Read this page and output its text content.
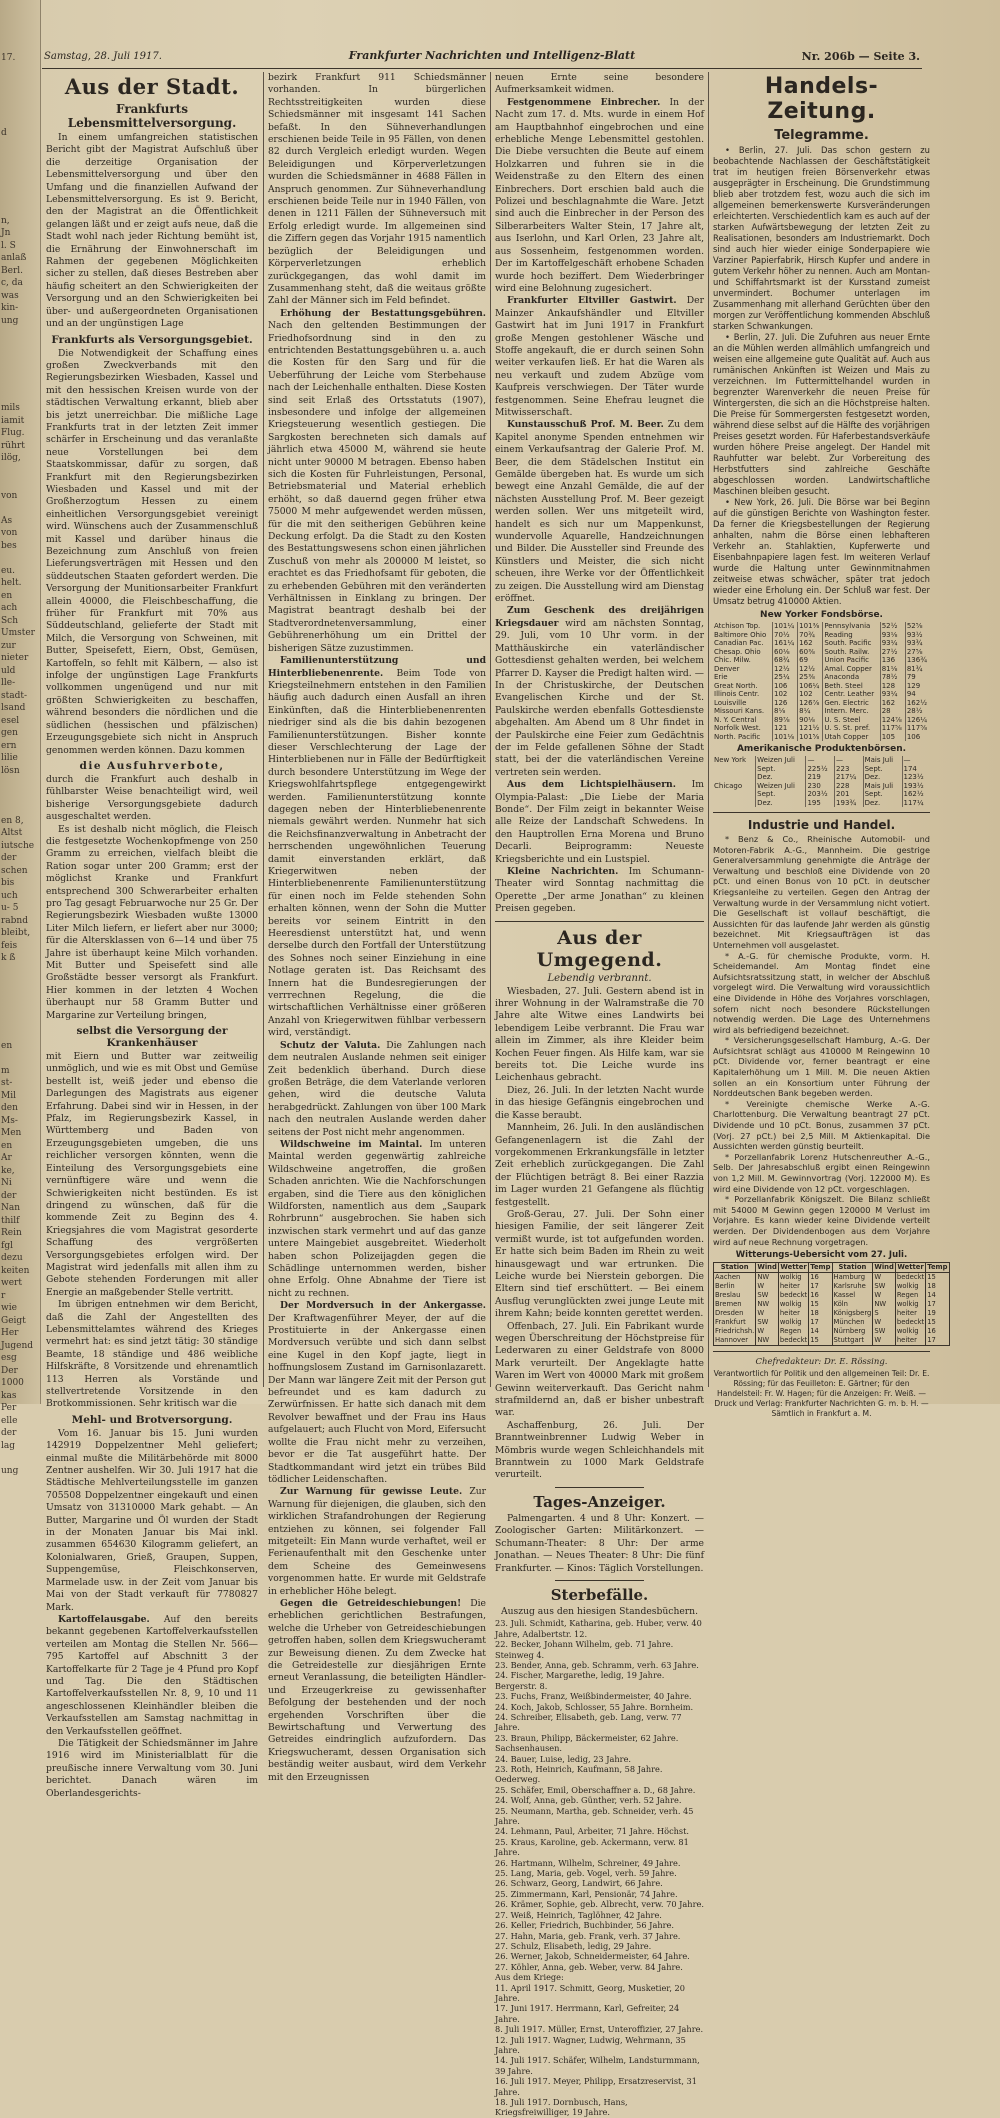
17.

d

n,
Jn
l. S
anlaß
Berl.
c, da
was
kin-
ung

mils
iamit
Flug.
rührt
ilög,

von

As
von
bes

eu.
helt.
en
ach
Sch
Umster
zur
nieter
uld
lle-
stadt-
lsand
esel
gen
ern
lilie
lösn

en 8,
Altst
iutsche
der
schen
bis
uch
u- 5
rabnd
bleibt,
feis
k ß

en

m
st-
Mil
den
Ms-
Men
en
Ar
ke,
Ni
der
Nan
thilf
Rein
fgl
dezu
keiten
wert
r
wie
Geigt
Her
Jugend
esg
Der
1000
kas
Per
elle
der
lag

ung
Samstag, 28. Juli 1917.	Frankfurter Nachrichten und Intelligenz-Blatt	Nr. 206b — Seite 3.
Aus der Stadt.
Frankfurts Lebensmittelversorgung.

In einem umfangreichen statistischen Bericht gibt der Magistrat Aufschluß über die derzeitige Organisation der Lebensmittelversorgung und über den Umfang und die finanziellen Aufwand der Lebensmittelversorgung. Es ist 9. Bericht, den der Magistrat an die Öffentlichkeit gelangen läßt und er zeigt aufs neue, daß die Stadt wohl nach jeder Richtung bemüht ist, die Ernährung der Einwohnerschaft im Rahmen der gegebenen Möglichkeiten sicher zu stellen, daß dieses Bestreben aber häufig scheitert an den Schwierigkeiten der Versorgung und an den Schwierigkeiten bei über- und außergeordneten Organisationen und an der ungünstigen Lage

Frankfurts als Versorgungsgebiet.

Die Notwendigkeit der Schaffung eines großen Zweckverbands mit den Regierungsbezirken Wiesbaden, Kassel und mit den hessischen Kreisen wurde von der städtischen Verwaltung erkannt, blieb aber bis jetzt unerreichbar. Die mißliche Lage Frankfurts trat in der letzten Zeit immer schärfer in Erscheinung und das veranlaßte neue Vorstellungen bei dem Staatskommissar, dafür zu sorgen, daß Frankfurt mit den Regierungsbezirken Wiesbaden und Kassel und mit der Großherzogtum Hessen zu einem einheitlichen Versorgungsgebiet vereinigt wird. Wünschens auch der Zusammenschluß mit Kassel und darüber hinaus die Bezeichnung zum Anschluß von freien Lieferungsverträgen mit Hessen und den süddeutschen Staaten gefordert werden. Die Versorgung der Munitionsarbeiter Frankfurt allein 40000, die Fleischbeschaffung, die früher für Frankfurt mit 70% aus Süddeutschland, gelieferte der Stadt mit Milch, die Versorgung von Schweinen, mit Butter, Speisefett, Eiern, Obst, Gemüsen, Kartoffeln, so fehlt mit Kälbern, — also ist infolge der ungünstigen Lage Frankfurts vollkommen ungenügend und nur mit größten Schwierigkeiten zu beschaffen, während besonders die nördlichen und die südlichen (hessischen und pfälzischen) Erzeugungsgebiete sich nicht in Anspruch genommen werden können. Dazu kommen

die Ausfuhrverbote,

durch die Frankfurt auch deshalb in fühlbarster Weise benachteiligt wird, weil bisherige Versorgungsgebiete dadurch ausgeschaltet werden.

Es ist deshalb nicht möglich, die Fleisch die festgesetzte Wochenkopfmenge von 250 Gramm zu erreichen, vielfach bleibt die Ration sogar unter 200 Gramm; erst der möglichst Kranke und Frankfurt entsprechend 300 Schwerarbeiter erhalten pro Tag gesagt Februarwoche nur 25 Gr. Der Regierungsbezirk Wiesbaden wußte 13000 Liter Milch liefern, er liefert aber nur 3000; für die Altersklassen von 6—14 und über 75 Jahre ist überhaupt keine Milch vorhanden. Mit Butter und Speisefett sind alle Großstädte besser versorgt als Frankfurt. Hier kommen in der letzten 4 Wochen überhaupt nur 58 Gramm Butter und Margarine zur Verteilung bringen,

selbst die Versorgung der Krankenhäuser

mit Eiern und Butter war zeitweilig unmöglich, und wie es mit Obst und Gemüse bestellt ist, weiß jeder und ebenso die Darlegungen des Magistrats aus eigener Erfahrung. Dabei sind wir in Hessen, in der Pfalz, im Regierungsbezirk Kassel, in Württemberg und Baden von Erzeugungsgebieten umgeben, die uns reichlicher versorgen könnten, wenn die Einteilung des Versorgungsgebiets eine vernünftigere wäre und wenn die Schwierigkeiten nicht bestünden. Es ist dringend zu wünschen, daß für die kommende Zeit zu Beginn des 4. Kriegsjahres die vom Magistrat gesorderte Schaffung des vergrößerten Versorgungsgebietes erfolgen wird. Der Magistrat wird jedenfalls mit allen ihm zu Gebote stehenden Forderungen mit aller Energie an maßgebender Stelle vertritt.

Im übrigen entnehmen wir dem Bericht, daß die Zahl der Angestellten des Lebensmittelamtes während des Krieges vermehrt hat: es sind jetzt tätig: 30 ständige Beamte, 18 ständige und 486 weibliche Hilfskräfte, 8 Vorsitzende und ehrenamtlich 113 Herren als Vorstände und stellvertretende Vorsitzende in den Brotkommissionen. Sehr kritisch war die

Mehl- und Brotversorgung.

Vom 16. Januar bis 15. Juni wurden 142919 Doppelzentner Mehl geliefert; einmal mußte die Militärbehörde mit 8000 Zentner aushelfen. Wir 30. Juli 1917 hat die Städtische Mehlverteilungsstelle im ganzen 705508 Doppelzentner eingekauft und einen Umsatz von 31310000 Mark gehabt. — An Butter, Margarine und Öl wurden der Stadt in der Monaten Januar bis Mai inkl. zusammen 654630 Kilogramm geliefert, an Kolonialwaren, Grieß, Graupen, Suppen, Suppengemüse, Fleischkonserven, Marmelade usw. in der Zeit vom Januar bis Mai von der Stadt verkauft für 7780827 Mark.

Kartoffelausgabe. Auf den bereits bekannt gegebenen Kartoffelverkaufsstellen verteilen am Montag die Stellen Nr. 566—795 Kartoffel auf Abschnitt 3 der Kartoffelkarte für 2 Tage je 4 Pfund pro Kopf und Tag. Die den Städtischen Kartoffelverkaufsstellen Nr. 8, 9, 10 und 11 angeschlossenen Kleinhändler bleiben die Verkaufsstellen am Samstag nachmittag in den Verkaufsstellen geöffnet.

Die Tätigkeit der Schiedsmänner im Jahre 1916 wird im Ministerialblatt für die preußische innere Verwaltung vom 30. Juni berichtet. Danach wären im Oberlandesgerichts-

bezirk Frankfurt 911 Schiedsmänner vorhanden. In bürgerlichen Rechtsstreitigkeiten wurden diese Schiedsmänner mit insgesamt 141 Sachen befaßt. In den Sühneverhandlungen erschienen beide Teile in 95 Fällen, von denen 82 durch Vergleich erledigt wurden. Wegen Beleidigungen und Körperverletzungen wurden die Schiedsmänner in 4688 Fällen in Anspruch genommen. Zur Sühneverhandlung erschienen beide Teile nur in 1940 Fällen, von denen in 1211 Fällen der Sühneversuch mit Erfolg erledigt wurde. Im allgemeinen sind die Ziffern gegen das Vorjahr 1915 namentlich bezüglich der Beleidigungen und Körperverletzungen erheblich zurückgegangen, das wohl damit im Zusammenhang steht, daß die weitaus größte Zahl der Männer sich im Feld befindet.

Erhöhung der Bestattungsgebühren. Nach den geltenden Bestimmungen der Friedhofsordnung sind in den zu entrichtenden Bestattungsgebühren u. a. auch die Kosten für den Sarg und für die Ueberführung der Leiche vom Sterbehause nach der Leichenhalle enthalten. Diese Kosten sind seit Erlaß des Ortsstatuts (1907), insbesondere und infolge der allgemeinen Kriegsteuerung wesentlich gestiegen. Die Sargkosten berechneten sich damals auf jährlich etwa 45000 M, während sie heute nicht unter 90000 M betragen. Ebenso haben sich die Kosten für Fuhrleistungen, Personal, Betriebsmaterial und Material erheblich erhöht, so daß dauernd gegen früher etwa 75000 M mehr aufgewendet werden müssen, für die mit den seitherigen Gebühren keine Deckung erfolgt. Da die Stadt zu den Kosten des Bestattungswesens schon einen jährlichen Zuschuß von mehr als 200000 M leistet, so erachtet es das Friedhofsamt für geboten, die zu erhebenden Gebühren mit den veränderten Verhältnissen in Einklang zu bringen. Der Magistrat beantragt deshalb bei der Stadtverordnetenversammlung, einer Gebührenerhöhung um ein Drittel der bisherigen Sätze zuzustimmen.

Familienunterstützung und Hinterbliebenenrente. Beim Tode von Kriegsteilnehmern entstehen in den Familien häufig auch dadurch einen Ausfall an ihren Einkünften, daß die Hinterbliebenenrenten niedriger sind als die bis dahin bezogenen Familienunterstützungen. Bisher konnte dieser Verschlechterung der Lage der Hinterbliebenen nur in Fälle der Bedürftigkeit durch besondere Unterstützung im Wege der Kriegswohlfahrtspflege entgegengewirkt werden. Familienunterstützung konnte dagegen neben der Hinterbliebenenrente niemals gewährt werden. Nunmehr hat sich die Reichsfinanzverwaltung in Anbetracht der herrschenden ungewöhnlichen Teuerung damit einverstanden erklärt, daß Kriegerwitwen neben der Hinterbliebenenrente Familienunterstützung für einen noch im Felde stehenden Sohn erhalten können, wenn der Sohn die Mutter bereits vor seinem Eintritt in den Heeresdienst unterstützt hat, und wenn derselbe durch den Fortfall der Unterstützung des Sohnes noch seiner Einziehung in eine Notlage geraten ist. Das Reichsamt des Innern hat die Bundesregierungen der verrrechnen Regelung, die die wirtschaftlichen Verhältnisse einer größeren Anzahl von Kriegerwitwen fühlbar verbessern wird, verständigt.

Schutz der Valuta. Die Zahlungen nach dem neutralen Auslande nehmen seit einiger Zeit bedenklich überhand. Durch diese großen Beträge, die dem Vaterlande verloren gehen, wird die deutsche Valuta herabgedrückt. Zahlungen von über 100 Mark nach den neutralen Auslande werden daher seitens der Post nicht mehr angenommen.

Wildschweine im Maintal. Im unteren Maintal werden gegenwärtig zahlreiche Wildschweine angetroffen, die großen Schaden anrichten. Wie die Nachforschungen ergaben, sind die Tiere aus den königlichen Wildforsten, namentlich aus dem „Saupark Rohrbrunn“ ausgebrochen. Sie haben sich inzwischen stark vermehrt und auf das ganze untere Maingebiet ausgebreitet. Wiederholt haben schon Polizeijagden gegen die Schädlinge unternommen werden, bisher ohne Erfolg. Ohne Abnahme der Tiere ist nicht zu rechnen.

Der Mordversuch in der Ankergasse. Der Kraftwagenführer Meyer, der auf die Prostituierte in der Ankergasse einen Mordversuch verübte und sich dann selbst eine Kugel in den Kopf jagte, liegt in hoffnungslosem Zustand im Garnisonlazarett. Der Mann war längere Zeit mit der Person gut befreundet und es kam dadurch zu Zerwürfnissen. Er hatte sich danach mit dem Revolver bewaffnet und der Frau ins Haus aufgelauert; auch Flucht von Mord, Eifersucht wollte die Frau nicht mehr zu verzeihen, bevor er die Tat ausgeführt hatte. Der Stadtkommandant wird jetzt ein trübes Bild tödlicher Leidenschaften.

Zur Warnung für gewisse Leute. Zur Warnung für diejenigen, die glauben, sich den wirklichen Strafandrohungen der Regierung entziehen zu können, sei folgender Fall mitgeteilt: Ein Mann wurde verhaftet, weil er Ferienaufenthalt mit den Geschenke unter dem Scheine des Gemeinwesens vorgenommen hatte. Er wurde mit Geldstrafe in erheblicher Höhe belegt.

Gegen die Getreideschiebungen! Die erheblichen gerichtlichen Bestrafungen, welche die Urheber von Getreideschiebungen getroffen haben, sollen dem Kriegswucheramt zur Beweisung dienen. Zu dem Zwecke hat die Getreidestelle zur diesjährigen Ernte erneut Veranlassung, die beteiligten Händler- und Erzeugerkreise zu gewissenhafter Befolgung der bestehenden und der noch ergehenden Vorschriften über die Bewirtschaftung und Verwertung des Getreides eindringlich aufzufordern. Das Kriegswucheramt, dessen Organisation sich beständig weiter ausbaut, wird dem Verkehr mit den Erzeugnissen

neuen Ernte seine besondere Aufmerksamkeit widmen.

Festgenommene Einbrecher. In der Nacht zum 17. d. Mts. wurde in einem Hof am Hauptbahnhof eingebrochen und eine erhebliche Menge Lebensmittel gestohlen. Die Diebe versuchten die Beute auf einem Holzkarren und fuhren sie in die Weidenstraße zu den Eltern des einen Einbrechers. Dort erschien bald auch die Polizei und beschlagnahmte die Ware. Jetzt sind auch die Einbrecher in der Person des Silberarbeiters Walter Stein, 17 Jahre alt, aus Iserlohn, und Karl Orlen, 23 Jahre alt, aus Sossenheim, festgenommen worden. Der im Kartoffelgeschäft erhobene Schaden wurde hoch beziffert. Dem Wiederbringer wird eine Belohnung zugesichert.

Frankfurter Eltviller Gastwirt. Der Mainzer Ankaufshändler und Eltviller Gastwirt hat im Juni 1917 in Frankfurt große Mengen gestohlener Wäsche und Stoffe angekauft, die er durch seinen Sohn weiter verkaufen ließ. Er hat die Waren als neu verkauft und zudem Abzüge vom Kaufpreis verschwiegen. Der Täter wurde festgenommen. Seine Ehefrau leugnet die Mitwisserschaft.

Kunstausschuß Prof. M. Beer. Zu dem Kapitel anonyme Spenden entnehmen wir einem Verkaufsantrag der Galerie Prof. M. Beer, die dem Städelschen Institut ein Gemälde übergeben hat. Es wurde um sich bewegt eine Anzahl Gemälde, die auf der nächsten Ausstellung Prof. M. Beer gezeigt werden sollen. Wer uns mitgeteilt wird, handelt es sich nur um Mappenkunst, wundervolle Aquarelle, Handzeichnungen und Bilder. Die Aussteller sind Freunde des Künstlers und Meister, die sich nicht scheuen, ihre Werke vor der Öffentlichkeit zu zeigen. Die Ausstellung wird am Dienstag eröffnet.

Zum Geschenk des dreijährigen Kriegsdauer wird am nächsten Sonntag, 29. Juli, vom 10 Uhr vorm. in der Matthäuskirche ein vaterländischer Gottesdienst gehalten werden, bei welchem Pfarrer D. Kayser die Predigt halten wird. — In der Christuskirche, der Deutschen Evangelischen Kirche und der St. Paulskirche werden ebenfalls Gottesdienste abgehalten. Am Abend um 8 Uhr findet in der Paulskirche eine Feier zum Gedächtnis der im Felde gefallenen Söhne der Stadt statt, bei der die vaterländischen Vereine vertreten sein werden.

Aus dem Lichtspielhäusern. Im Olympia-Palast: „Die Liebe der Maria Bonde“. Der Film zeigt in bekannter Weise alle Reize der Landschaft Schwedens. In den Hauptrollen Erna Morena und Bruno Decarli. Beiprogramm: Neueste Kriegsberichte und ein Lustspiel.

Kleine Nachrichten. Im Schumann-Theater wird Sonntag nachmittag die Operette „Der arme Jonathan“ zu kleinen Preisen gegeben.

Aus der Umgegend.
Lebendig verbrannt.

Wiesbaden, 27. Juli. Gestern abend ist in ihrer Wohnung in der Walramstraße die 70 Jahre alte Witwe eines Landwirts bei lebendigem Leibe verbrannt. Die Frau war allein im Zimmer, als ihre Kleider beim Kochen Feuer fingen. Als Hilfe kam, war sie bereits tot. Die Leiche wurde ins Leichenhaus gebracht.

Diez, 26. Juli. In der letzten Nacht wurde in das hiesige Gefängnis eingebrochen und die Kasse beraubt.

Mannheim, 26. Juli. In den ausländischen Gefangenenlagern ist die Zahl der vorgekommenen Erkrankungsfälle in letzter Zeit erheblich zurückgegangen. Die Zahl der Flüchtigen beträgt 8. Bei einer Razzia im Lager wurden 21 Gefangene als flüchtig festgestellt.

Groß-Gerau, 27. Juli. Der Sohn einer hiesigen Familie, der seit längerer Zeit vermißt wurde, ist tot aufgefunden worden. Er hatte sich beim Baden im Rhein zu weit hinausgewagt und war ertrunken. Die Leiche wurde bei Nierstein geborgen. Die Eltern sind tief erschüttert. — Bei einem Ausflug verunglückten zwei junge Leute mit ihrem Kahn; beide konnten gerettet werden.

Offenbach, 27. Juli. Ein Fabrikant wurde wegen Überschreitung der Höchstpreise für Lederwaren zu einer Geldstrafe von 8000 Mark verurteilt. Der Angeklagte hatte Waren im Wert von 40000 Mark mit großem Gewinn weiterverkauft. Das Gericht nahm strafmildernd an, daß er bisher unbestraft war.

Aschaffenburg, 26. Juli. Der Branntweinbrenner Ludwig Weber in Mömbris wurde wegen Schleichhandels mit Branntwein zu 1000 Mark Geldstrafe verurteilt.

Tages-Anzeiger.

Palmengarten. 4 und 8 Uhr: Konzert. — Zoologischer Garten: Militärkonzert. — Schumann-Theater: 8 Uhr: Der arme Jonathan. — Neues Theater: 8 Uhr: Die fünf Frankfurter. — Kinos: Täglich Vorstellungen.

Sterbefälle.

Auszug aus den hiesigen Standesbüchern.

23. Juli. Schmidt, Katharina, geb. Huber, verw. 40 Jahre, Adalbertstr. 12.

22. Becker, Johann Wilhelm, geb. 71 Jahre. Steinweg 4.

23. Bender, Anna, geb. Schramm, verh. 63 Jahre.

24. Fischer, Margarethe, ledig, 19 Jahre. Bergerstr. 8.

23. Fuchs, Franz, Weißbindermeister, 40 Jahre.

24. Koch, Jakob, Schlosser, 55 Jahre. Bornheim.

24. Schreiber, Elisabeth, geb. Lang, verw. 77 Jahre.

23. Braun, Philipp, Bäckermeister, 62 Jahre. Sachsenhausen.

24. Bauer, Luise, ledig, 23 Jahre.

23. Roth, Heinrich, Kaufmann, 58 Jahre. Oederweg.

25. Schäfer, Emil, Oberschaffner a. D., 68 Jahre.

24. Wolf, Anna, geb. Günther, verh. 52 Jahre.

25. Neumann, Martha, geb. Schneider, verh. 45 Jahre.

24. Lehmann, Paul, Arbeiter, 71 Jahre. Höchst.

25. Kraus, Karoline, geb. Ackermann, verw. 81 Jahre.

26. Hartmann, Wilhelm, Schreiner, 49 Jahre.

25. Lang, Maria, geb. Vogel, verh. 59 Jahre.

26. Schwarz, Georg, Landwirt, 66 Jahre.

25. Zimmermann, Karl, Pensionär, 74 Jahre.

26. Krämer, Sophie, geb. Albrecht, verw. 70 Jahre.

27. Weiß, Heinrich, Taglöhner, 42 Jahre.

26. Keller, Friedrich, Buchbinder, 56 Jahre.

27. Hahn, Maria, geb. Frank, verh. 37 Jahre.

27. Schulz, Elisabeth, ledig, 29 Jahre.

26. Werner, Jakob, Schneidermeister, 64 Jahre.

27. Köhler, Anna, geb. Weber, verw. 84 Jahre.

Aus dem Kriege:

11. April 1917. Schmitt, Georg, Musketier, 20 Jahre.

17. Juni 1917. Herrmann, Karl, Gefreiter, 24 Jahre.

8. Juli 1917. Müller, Ernst, Unteroffizier, 27 Jahre.

12. Juli 1917. Wagner, Ludwig, Wehrmann, 35 Jahre.

14. Juli 1917. Schäfer, Wilhelm, Landsturmmann, 39 Jahre.

16. Juli 1917. Meyer, Philipp, Ersatzreservist, 31 Jahre.

18. Juli 1917. Dornbusch, Hans, Kriegsfreiwilliger, 19 Jahre.

Handels-Zeitung.
Telegramme.

• Berlin, 27. Juli. Das schon gestern zu beobachtende Nachlassen der Geschäftstätigkeit trat im heutigen freien Börsenverkehr etwas ausgeprägter in Erscheinung. Die Grundstimmung blieb aber trotzdem fest, wozu auch die sich im allgemeinen bemerkenswerte Kursveränderungen erleichterten. Verschiedentlich kam es auch auf der starken Aufwärtsbewegung der letzten Zeit zu Realisationen, besonders am Industriemarkt. Doch sind auch hier wieder einige Sonderpapiere wie Varziner Papierfabrik, Hirsch Kupfer und andere in gutem Verkehr höher zu nennen. Auch am Montan- und Schiffahrtsmarkt ist der Kursstand zumeist unvermindert. Bochumer unterlagen im Zusammenhang mit allerhand Gerüchten über den morgen zur Veröffentlichung kommenden Abschluß starken Schwankungen.

• Berlin, 27. Juli. Die Zufuhren aus neuer Ernte an die Mühlen werden allmählich umfangreich und weisen eine allgemeine gute Qualität auf. Auch aus rumänischen Ankünften ist Weizen und Mais zu verzeichnen. Im Futtermittelhandel wurden in begrenzter Warenverkehr die neuen Preise für Wintergersten, die sich an die Höchstpreise halten. Die Preise für Sommergersten festgesetzt worden, während diese selbst auf die Hälfte des vorjährigen Preises gesetzt worden. Für Haferbestandsverkäufe wurden höhere Preise angelegt. Der Handel mit Rauhfutter war belebt. Zur Vorbereitung des Herbstfutters sind zahlreiche Geschäfte abgeschlossen worden. Landwirtschaftliche Maschinen bleiben gesucht.

• New York, 26. Juli. Die Börse war bei Beginn auf die günstigen Berichte von Washington fester. Da ferner die Kriegsbestellungen der Regierung anhalten, nahm die Börse einen lebhafteren Verkehr an. Stahlaktien, Kupferwerte und Eisenbahnpapiere lagen fest. Im weiteren Verlauf wurde die Haltung unter Gewinnmitnahmen zeitweise etwas schwächer, später trat jedoch wieder eine Erholung ein. Der Schluß war fest. Der Umsatz betrug 410000 Aktien.

New Yorker Fondsbörse.
Atchison Top.	101¼	101⅜	Pennsylvania	52½	52⅝
Baltimore Ohio	70½	70¾	Reading	93⅛	93½
Canadian Pac.	161¼	162	South. Pacific	93¼	93¾
Chesap. Ohio	60⅛	60⅜	South. Railw.	27½	27⅝
Chic. Milw.	68¾	69	Union Pacific	136	136¾
Denver	12½	12½	Amal. Copper	81⅛	81¾
Erie	25¼	25⅜	Anaconda	78½	79
Great North.	106	106¼	Beth. Steel	128	129
Illinois Centr.	102	102	Centr. Leather	93¼	94
Louisville	126	126⅞	Gen. Electric	162	162½
Missouri Kans.	8⅛	8¼	Intern. Merc.	28	28½
N. Y. Central	89⅞	90⅛	U. S. Steel	124⅞	126¼
Norfolk West.	121	121½	U. S. St. pref.	117⅝	117⅝
North. Pacific	101⅛	101⅝	Utah Copper	105	106
Amerikanische Produktenbörsen.
New York	Weizen Juli	—	—	Mais Juli	—
	Sept.	225½	223	Sept.	174
	Dez.	219	217¼	Dez.	123½
Chicago	Weizen Juli	230	228	Mais Juli	193½
	Sept.	203½	201	Sept.	162½
	Dez.	195	193¾	Dez.	117¼
Industrie und Handel.

* Benz & Co., Rheinische Automobil- und Motoren-Fabrik A.-G., Mannheim. Die gestrige Generalversammlung genehmigte die Anträge der Verwaltung und beschloß eine Dividende von 20 pCt. und einen Bonus von 10 pCt. in deutscher Kriegsanleihe zu verteilen. Gegen den Antrag der Verwaltung wurde in der Versammlung nicht votiert. Die Gesellschaft ist vollauf beschäftigt, die Aussichten für das laufende Jahr werden als günstig bezeichnet. Mit Kriegsaufträgen ist das Unternehmen voll ausgelastet.

* A.-G. für chemische Produkte, vorm. H. Scheidemandel. Am Montag findet eine Aufsichtsratssitzung statt, in welcher der Abschluß vorgelegt wird. Die Verwaltung wird voraussichtlich eine Dividende in Höhe des Vorjahres vorschlagen, sofern nicht noch besondere Rückstellungen notwendig werden. Die Lage des Unternehmens wird als befriedigend bezeichnet.

* Versicherungsgesellschaft Hamburg, A.-G. Der Aufsichtsrat schlägt aus 410000 M Reingewinn 10 pCt. Dividende vor, ferner beantragt er eine Kapitalerhöhung um 1 Mill. M. Die neuen Aktien sollen an ein Konsortium unter Führung der Norddeutschen Bank begeben werden.

* Vereinigte chemische Werke A.-G. Charlottenburg. Die Verwaltung beantragt 27 pCt. Dividende und 10 pCt. Bonus, zusammen 37 pCt. (Vorj. 27 pCt.) bei 2,5 Mill. M Aktienkapital. Die Aussichten werden günstig beurteilt.

* Porzellanfabrik Lorenz Hutschenreuther A.-G., Selb. Der Jahresabschluß ergibt einen Reingewinn von 1,2 Mill. M. Gewinnvortrag (Vorj. 122000 M). Es wird eine Dividende von 12 pCt. vorgeschlagen.

* Porzellanfabrik Königszelt. Die Bilanz schließt mit 54000 M Gewinn gegen 120000 M Verlust im Vorjahre. Es kann wieder keine Dividende verteilt werden. Der Dividendenbogen aus dem Vorjahre wird auf neue Rechnung vorgetragen.

Witterungs-Uebersicht vom 27. Juli.
Station	Wind	Wetter	Temp	Station	Wind	Wetter	Temp
Aachen	NW	wolkig	16	Hamburg	W	bedeckt	15
Berlin	W	heiter	17	Karlsruhe	SW	wolkig	18
Breslau	SW	bedeckt	16	Kassel	W	Regen	14
Bremen	NW	wolkig	15	Köln	NW	wolkig	17
Dresden	W	heiter	18	Königsberg	S	heiter	19
Frankfurt	SW	wolkig	17	München	W	bedeckt	15
Friedrichsh.	W	Regen	14	Nürnberg	SW	wolkig	16
Hannover	NW	bedeckt	15	Stuttgart	W	heiter	17
Chefredakteur: Dr. E. Rössing.

Verantwortlich für Politik und den allgemeinen Teil: Dr. E. Rössing; für das Feuilleton: E. Gärtner; für den Handelsteil: Fr. W. Hagen; für die Anzeigen: Fr. Weiß. — Druck und Verlag: Frankfurter Nachrichten G. m. b. H. — Sämtlich in Frankfurt a. M.
